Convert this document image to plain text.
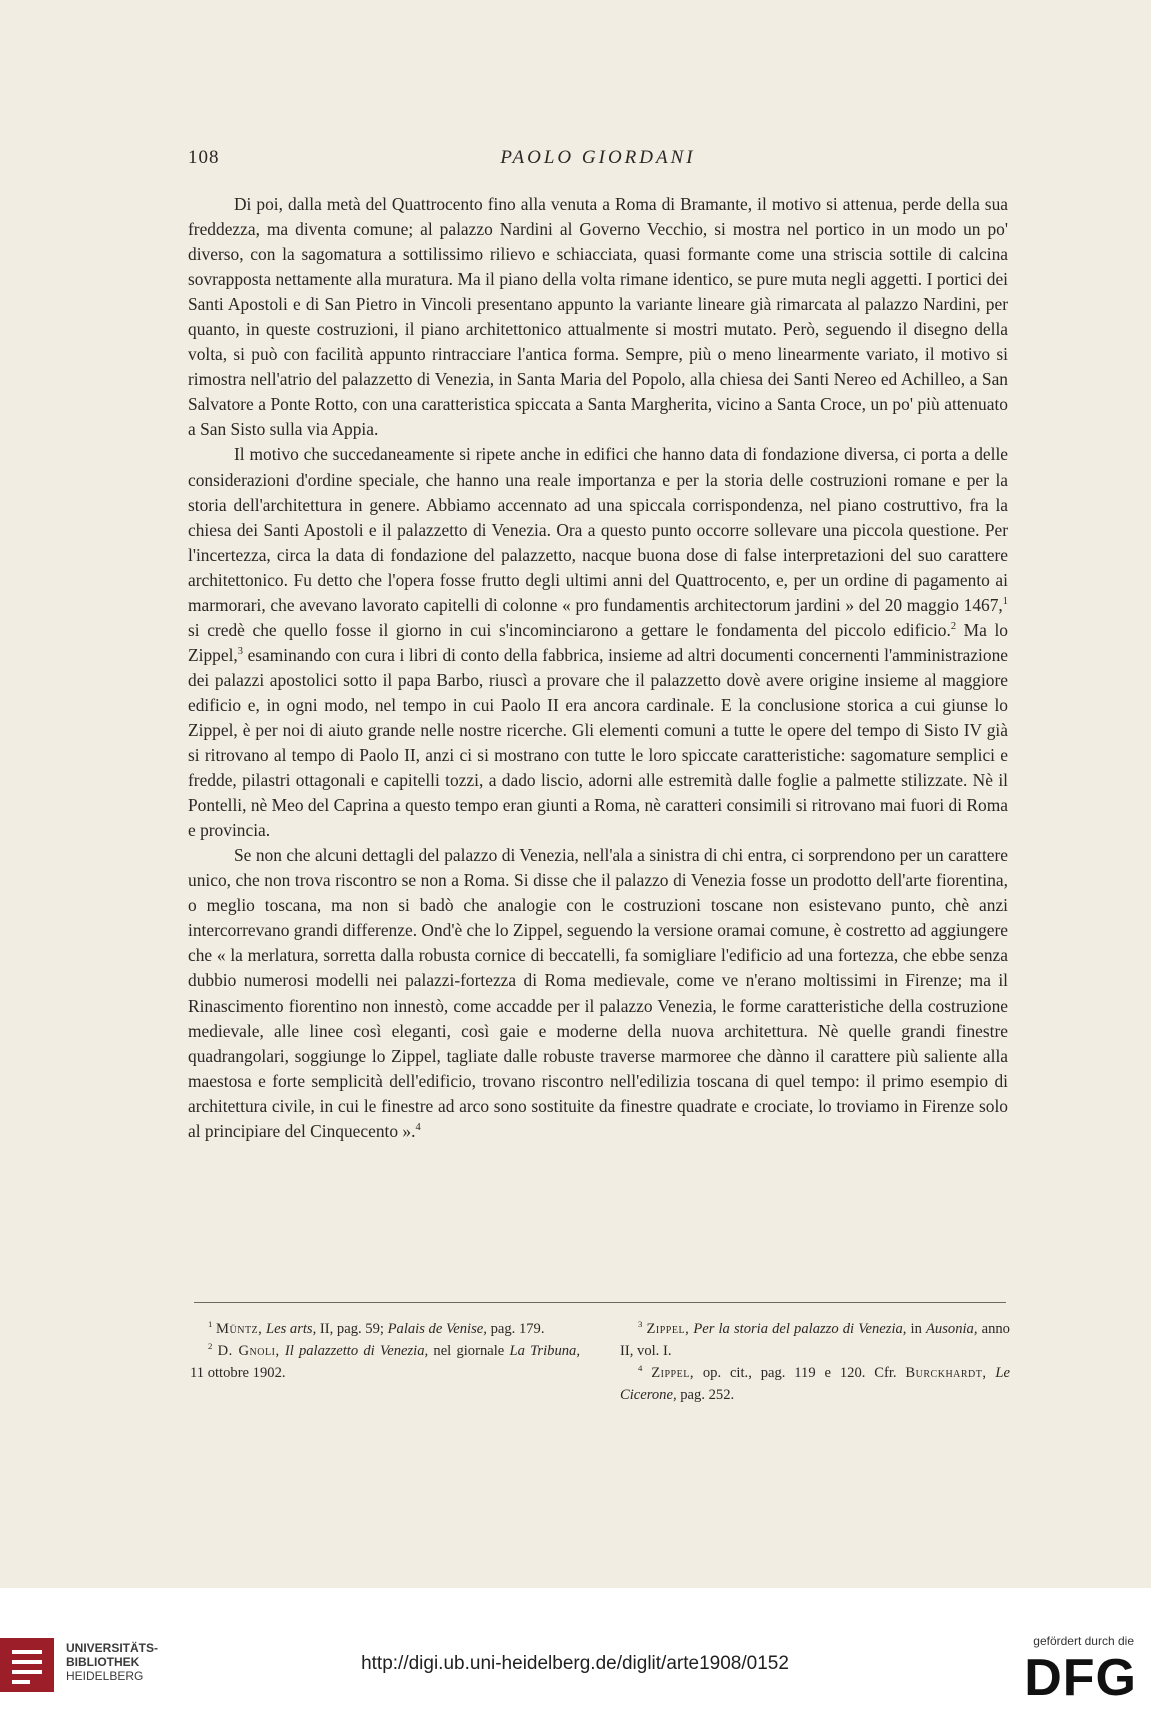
108	PAOLO GIORDANI

Di poi, dalla metà del Quattrocento fino alla venuta a Roma di Bramante, il motivo si attenua, perde della sua freddezza, ma diventa comune; al palazzo Nardini al Governo Vecchio, si mostra nel portico in un modo un po' diverso, con la sagomatura a sottilissimo rilievo e schiacciata, quasi formante come una striscia sottile di calcina sovrapposta nettamente alla muratura. Ma il piano della volta rimane identico, se pure muta negli aggetti. I portici dei Santi Apostoli e di San Pietro in Vincoli presentano appunto la variante lineare già rimarcata al palazzo Nardini, per quanto, in queste costruzioni, il piano architettonico attualmente si mostri mutato. Però, seguendo il disegno della volta, si può con facilità appunto rintracciare l'antica forma. Sempre, più o meno linearmente variato, il motivo si rimostra nell'atrio del palazzetto di Venezia, in Santa Maria del Popolo, alla chiesa dei Santi Nereo ed Achilleo, a San Salvatore a Ponte Rotto, con una caratteristica spiccata a Santa Margherita, vicino a Santa Croce, un po' più attenuato a San Sisto sulla via Appia.

Il motivo che succedaneamente si ripete anche in edifici che hanno data di fondazione diversa, ci porta a delle considerazioni d'ordine speciale, che hanno una reale importanza e per la storia delle costruzioni romane e per la storia dell'architettura in genere. Abbiamo accennato ad una spiccala corrispondenza, nel piano costruttivo, fra la chiesa dei Santi Apostoli e il palazzetto di Venezia. Ora a questo punto occorre sollevare una piccola questione. Per l'incertezza, circa la data di fondazione del palazzetto, nacque buona dose di false interpretazioni del suo carattere architettonico. Fu detto che l'opera fosse frutto degli ultimi anni del Quattrocento, e, per un ordine di pagamento ai marmorari, che avevano lavorato capitelli di colonne « pro fundamentis architectorum jardini » del 20 maggio 1467,$^1$ si credè che quello fosse il giorno in cui s'incominciarono a gettare le fondamenta del piccolo edificio.$^2$ Ma lo Zippel,$^3$ esaminando con cura i libri di conto della fabbrica, insieme ad altri documenti concernenti l'amministrazione dei palazzi apostolici sotto il papa Barbo, riuscì a provare che il palazzetto dovè avere origine insieme al maggiore edificio e, in ogni modo, nel tempo in cui Paolo II era ancora cardinale. E la conclusione storica a cui giunse lo Zippel, è per noi di aiuto grande nelle nostre ricerche. Gli elementi comuni a tutte le opere del tempo di Sisto IV già si ritrovano al tempo di Paolo II, anzi ci si mostrano con tutte le loro spiccate caratteristiche: sagomature semplici e fredde, pilastri ottagonali e capitelli tozzi, a dado liscio, adorni alle estremità dalle foglie a palmette stilizzate. Nè il Pontelli, nè Meo del Caprina a questo tempo eran giunti a Roma, nè caratteri consimili si ritrovano mai fuori di Roma e provincia.

Se non che alcuni dettagli del palazzo di Venezia, nell'ala a sinistra di chi entra, ci sorprendono per un carattere unico, che non trova riscontro se non a Roma. Si disse che il palazzo di Venezia fosse un prodotto dell'arte fiorentina, o meglio toscana, ma non si badò che analogie con le costruzioni toscane non esistevano punto, chè anzi intercorrevano grandi differenze. Ond'è che lo Zippel, seguendo la versione oramai comune, è costretto ad aggiungere che « la merlatura, sorretta dalla robusta cornice di beccatelli, fa somigliare l'edificio ad una fortezza, che ebbe senza dubbio numerosi modelli nei palazzi-fortezza di Roma medievale, come ve n'erano moltissimi in Firenze; ma il Rinascimento fiorentino non innestò, come accadde per il palazzo Venezia, le forme caratteristiche della costruzione medievale, alle linee così eleganti, così gaie e moderne della nuova architettura. Nè quelle grandi finestre quadrangolari, soggiunge lo Zippel, tagliate dalle robuste traverse marmoree che dànno il carattere più saliente alla maestosa e forte semplicità dell'edificio, trovano riscontro nell'edilizia toscana di quel tempo: il primo esempio di architettura civile, in cui le finestre ad arco sono sostituite da finestre quadrate e crociate, lo troviamo in Firenze solo al principiare del Cinquecento ».$^4$

$^1$ Müntz, Les arts, II, pag. 59; Palais de Venise, pag. 179.

$^2$ D. Gnoli, Il palazzetto di Venezia, nel giornale La Tribuna, 11 ottobre 1902.

$^3$ Zippel, Per la storia del palazzo di Venezia, in Ausonia, anno II, vol. I.

$^4$ Zippel, op. cit., pag. 119 e 120. Cfr. Burckhardt, Le Cicerone, pag. 252.

UNIVERSITÄTS-
BIBLIOTHEK
HEIDELBERG
http://digi.ub.uni-heidelberg.de/diglit/arte1908/0152
gefördert durch die
DFG
